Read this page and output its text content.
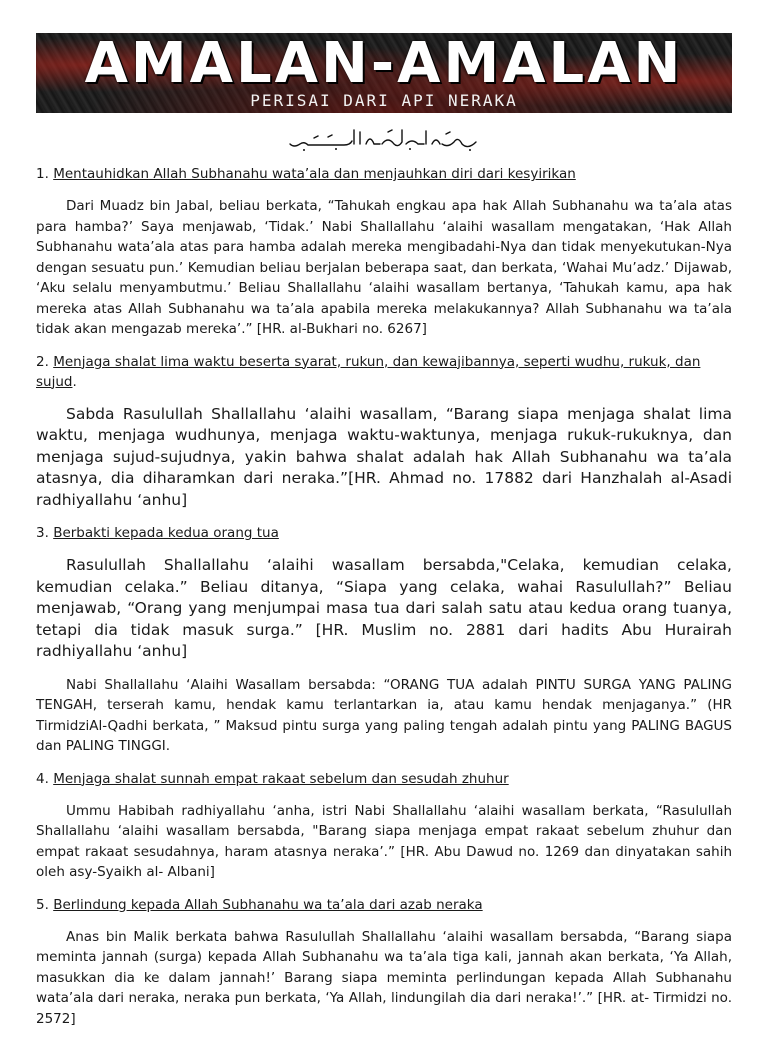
AMALAN-AMALAN
PERISAI DARI API NERAKA
1. Mentauhidkan Allah Subhanahu wata’ala dan menjauhkan diri dari kesyirikan

Dari Muadz bin Jabal, beliau berkata, “Tahukah engkau apa hak Allah Subhanahu wa ta’ala atas para hamba?’ Saya menjawab, ‘Tidak.’ Nabi Shallallahu ‘alaihi wasallam mengatakan, ‘Hak Allah Subhanahu wata’ala atas para hamba adalah mereka mengibadahi-Nya dan tidak menyekutukan-Nya dengan sesuatu pun.’ Kemudian beliau berjalan beberapa saat, dan berkata, ‘Wahai Mu’adz.’ Dijawab, ‘Aku selalu menyambutmu.’ Beliau Shallallahu ‘alaihi wasallam bertanya, ‘Tahukah kamu, apa hak mereka atas Allah Subhanahu wa ta’ala apabila mereka melakukannya? Allah Subhanahu wa ta’ala tidak akan mengazab mereka’.” [HR. al-Bukhari no. 6267]

2. Menjaga shalat lima waktu beserta syarat, rukun, dan kewajibannya, seperti wudhu, rukuk, dan sujud.

Sabda Rasulullah Shallallahu ‘alaihi wasallam, “Barang siapa menjaga shalat lima waktu, menjaga wudhunya, menjaga waktu-waktunya, menjaga rukuk-rukuknya, dan menjaga sujud-sujudnya, yakin bahwa shalat adalah hak Allah Subhanahu wa ta’ala atasnya, dia diharamkan dari neraka.”[HR. Ahmad no. 17882 dari Hanzhalah al-Asadi radhiyallahu ‘anhu]

3. Berbakti kepada kedua orang tua

Rasulullah Shallallahu ‘alaihi wasallam bersabda,"Celaka, kemudian celaka, kemudian celaka.” Beliau ditanya, “Siapa yang celaka, wahai Rasulullah?” Beliau menjawab, “Orang yang menjumpai masa tua dari salah satu atau kedua orang tuanya, tetapi dia tidak masuk surga.” [HR. Muslim no. 2881 dari hadits Abu Hurairah radhiyallahu ‘anhu]

Nabi Shallallahu ‘Alaihi Wasallam bersabda: “ORANG TUA adalah PINTU SURGA YANG PALING TENGAH, terserah kamu, hendak kamu terlantarkan ia, atau kamu hendak menjaganya.” (HR TirmidziAl-Qadhi berkata, ” Maksud pintu surga yang paling tengah adalah pintu yang PALING BAGUS dan PALING TINGGI.

4. Menjaga shalat sunnah empat rakaat sebelum dan sesudah zhuhur

Ummu Habibah radhiyallahu ‘anha, istri Nabi Shallallahu ‘alaihi wasallam berkata, “Rasulullah Shallallahu ‘alaihi wasallam bersabda, "Barang siapa menjaga empat rakaat sebelum zhuhur dan empat rakaat sesudahnya, haram atasnya neraka’.” [HR. Abu Dawud no. 1269 dan dinyatakan sahih oleh asy-Syaikh al- Albani]

5. Berlindung kepada Allah Subhanahu wa ta’ala dari azab neraka

Anas bin Malik berkata bahwa Rasulullah Shallallahu ‘alaihi wasallam bersabda, “Barang siapa meminta jannah (surga) kepada Allah Subhanahu wa ta’ala tiga kali, jannah akan berkata, ‘Ya Allah, masukkan dia ke dalam jannah!’ Barang siapa meminta perlindungan kepada Allah Subhanahu wata’ala dari neraka, neraka pun berkata, ‘Ya Allah, lindungilah dia dari neraka!’.” [HR. at- Tirmidzi no. 2572]
